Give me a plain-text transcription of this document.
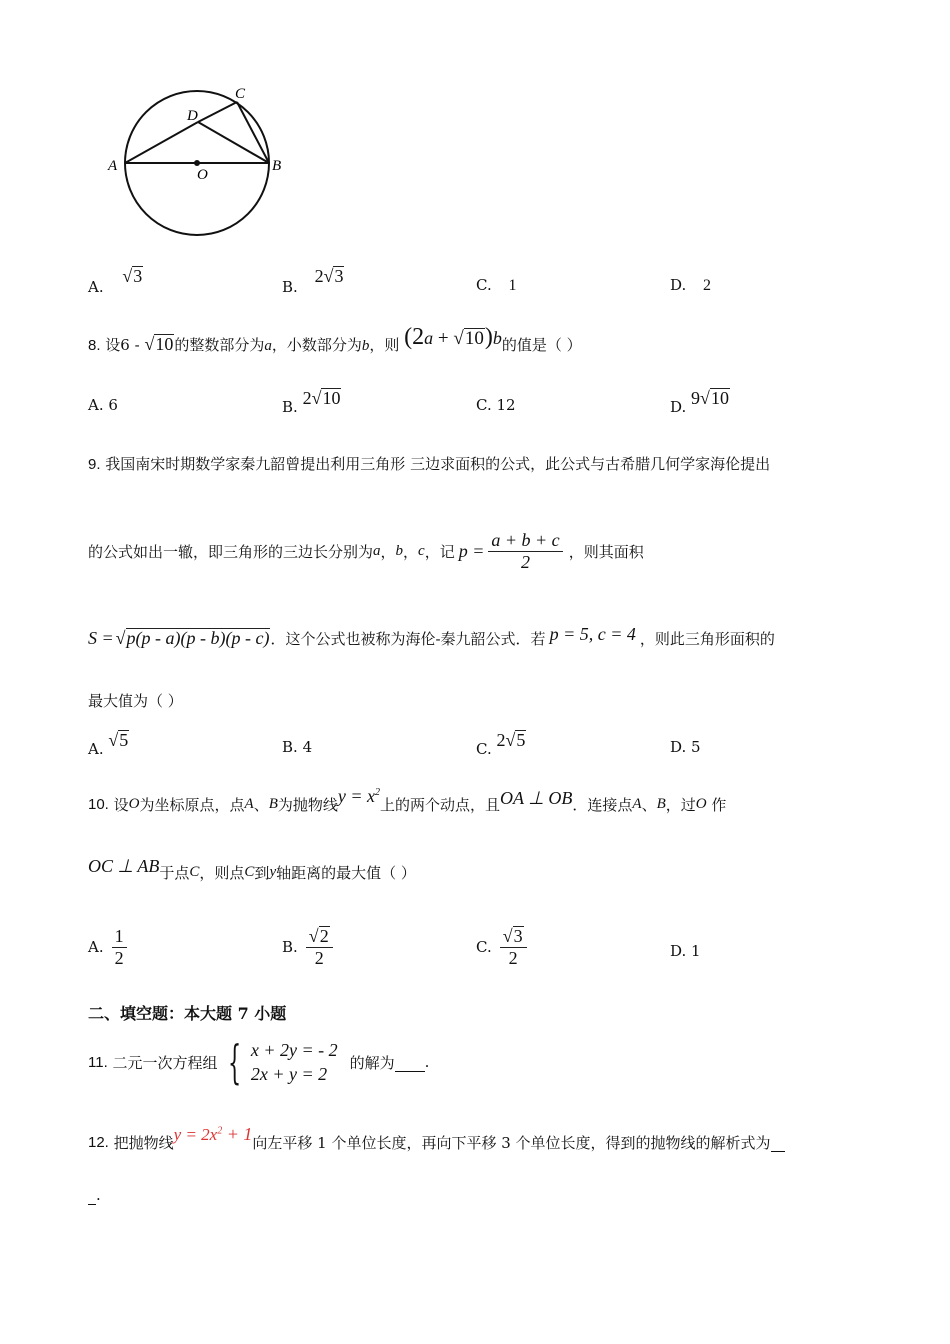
A	B
C
D
O
A. √3
B. 2√3	C. 1	D. 2
8. 设6 - √10的整数部分为a，小数部分为b，则 (2a + √10)b的值是（ ）
A. 6	B. 2√10	C. 12	D. 9√10
9. 我国南宋时期数学家秦九韶曾提出利用三角形 三边求面积的公式，此公式与古希腊几何学家海伦提出
的公式如出一辙，即三角形的三边长分别为 a ， b ， c ，记 $p = \frac{a + b + c}{2}$ ，则其面积
S = √p(p - a)(p - b)(p - c) ．这个公式也被称为海伦-秦九韶公式．若 p = 5, c = 4 ，则此三角形面积的
最大值为（ ）
A. √5	B. 4	C. 2√5	D. 5
10.
设 O 为坐标原点，点 A 、 B 为抛物线 $y = x^2$
上的两个动点，且 OA ⊥ OB ．连接点 A 、 B ，过 O
作
OC ⊥ AB 于点 C ，则点 C 到 y 轴距离的最大值（ ）
A. $\frac{1}{2}$	B. $\frac{√2}{2}$	C. $\frac{√3}{2}$	D. 1
二、填空题：本大题 7 小题
11.
二元一次方程组 { x + 2y = - 2
2x + y = 2
的解为
.
12.
把抛物线 $y = 2x^2 + 1$ 向左平移 1 个单位长度，再向下平移 3 个单位长度，得到的抛物线的解析式为

.
